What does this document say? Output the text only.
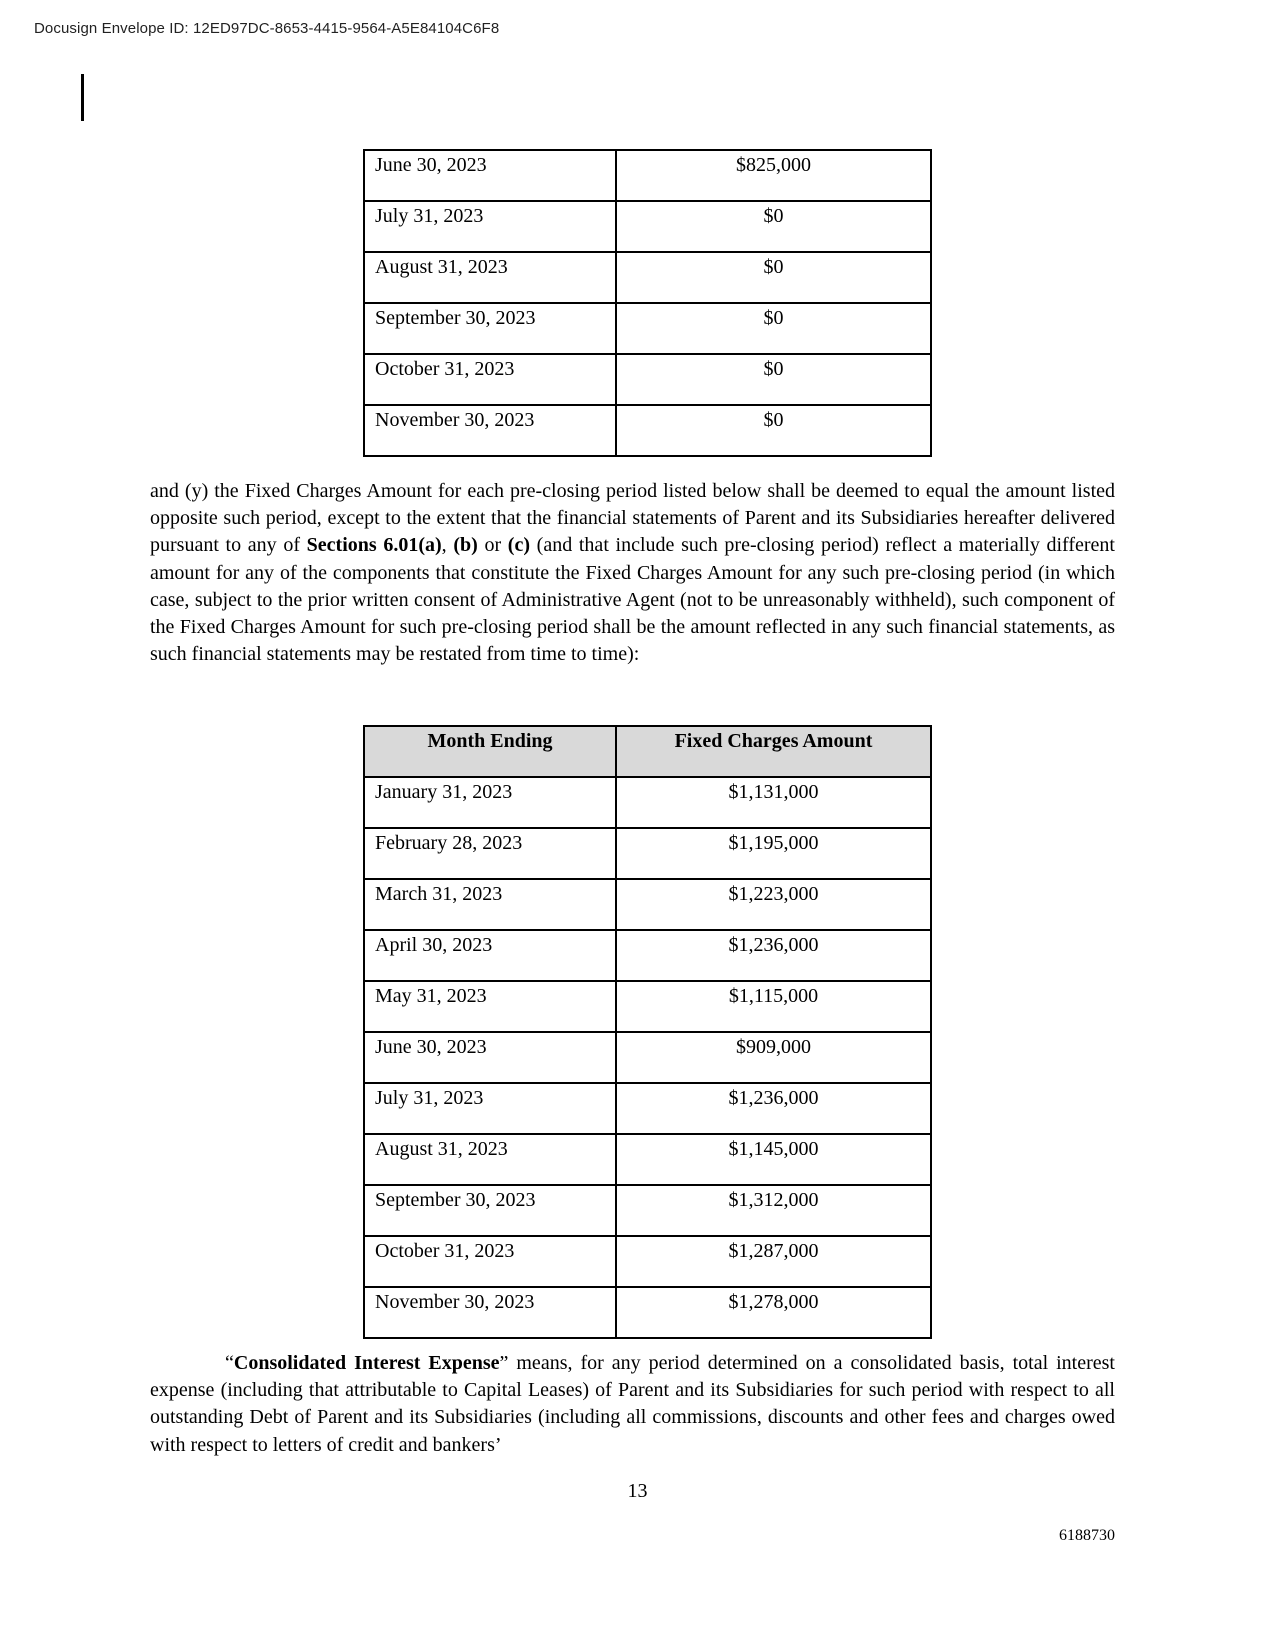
Docusign Envelope ID: 12ED97DC-8653-4415-9564-A5E84104C6F8
June 30, 2023	$825,000
July 31, 2023	$0
August 31, 2023	$0
September 30, 2023	$0
October 31, 2023	$0
November 30, 2023	$0
and (y) the Fixed Charges Amount for each pre-closing period listed below shall be deemed to equal the amount listed opposite such period, except to the extent that the financial statements of Parent and its Subsidiaries hereafter delivered pursuant to any of Sections 6.01(a), (b) or (c) (and that include such pre-closing period) reflect a materially different amount for any of the components that constitute the Fixed Charges Amount for any such pre-closing period (in which case, subject to the prior written consent of Administrative Agent (not to be unreasonably withheld), such component of the Fixed Charges Amount for such pre-closing period shall be the amount reflected in any such financial statements, as such financial statements may be restated from time to time):
Month Ending	Fixed Charges Amount
January 31, 2023	$1,131,000
February 28, 2023	$1,195,000
March 31, 2023	$1,223,000
April 30, 2023	$1,236,000
May 31, 2023	$1,115,000
June 30, 2023	$909,000
July 31, 2023	$1,236,000
August 31, 2023	$1,145,000
September 30, 2023	$1,312,000
October 31, 2023	$1,287,000
November 30, 2023	$1,278,000
“Consolidated Interest Expense” means, for any period determined on a consolidated basis, total interest expense (including that attributable to Capital Leases) of Parent and its Subsidiaries for such period with respect to all outstanding Debt of Parent and its Subsidiaries (including all commissions, discounts and other fees and charges owed with respect to letters of credit and bankers’
13
6188730
